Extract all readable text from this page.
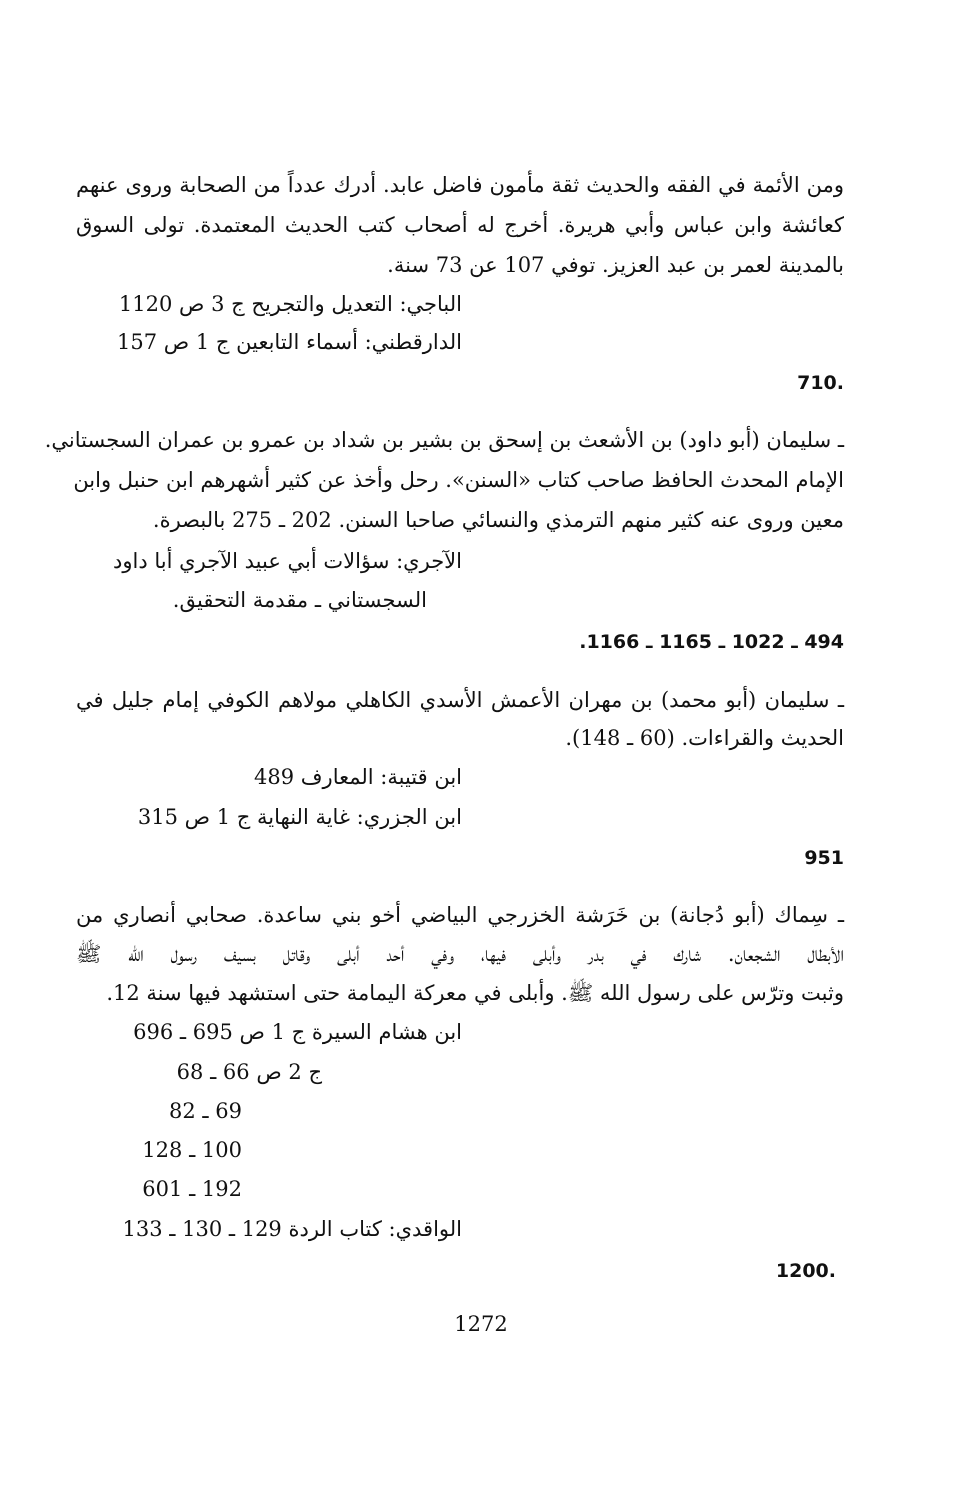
ومن الأئمة في الفقه والحديث ثقة مأمون فاضل عابد. أدرك عدداً من الصحابة وروى عنهم
كعائشة وابن عباس وأبي هريرة. أخرج له أصحاب كتب الحديث المعتمدة. تولى السوق
بالمدينة لعمر بن عبد العزيز. توفي 107 عن 73 سنة.
الباجي: التعديل والتجريح ج 3 ص 1120
الدارقطني: أسماء التابعين ج 1 ص 157
.710
ـ سليمان (أبو داود) بن الأشعث بن إسحق بن بشير بن شداد بن عمرو بن عمران السجستاني.
الإمام المحدث الحافظ صاحب كتاب «السنن». رحل وأخذ عن كثير أشهرهم ابن حنبل وابن
معين وروى عنه كثير منهم الترمذي والنسائي صاحبا السنن. 202 ـ 275 بالبصرة.
الآجري: سؤالات أبي عبيد الآجري أبا داود
السجستاني ـ مقدمة التحقيق.
494 ـ 1022 ـ 1165 ـ 1166.
ـ سليمان (أبو محمد) بن مهران الأعمش الأسدي الكاهلي مولاهم الكوفي إمام جليل في
الحديث والقراءات. (60 ـ 148).
ابن قتيبة: المعارف 489
ابن الجزري: غاية النهاية ج 1 ص 315
951
ـ سِماك (أبو دُجانة) بن خَرَشة الخزرجي البياضي أخو بني ساعدة. صحابي أنصاري من
الأبطال الشجعان. شارك في بدر وأبلى فيها، وفي أحد أبلى وقاتل بسيف رسول الله ﷺ
وثبت وترّس على رسول الله ﷺ. وأبلى في معركة اليمامة حتى استشهد فيها سنة 12.
ابن هشام السيرة ج 1 ص 695 ـ 696
ج 2 ص 66 ـ 68
69 ـ 82
100 ـ 128
192 ـ 601
الواقدي: كتاب الردة 129 ـ 130 ـ 133
.1200
1272
